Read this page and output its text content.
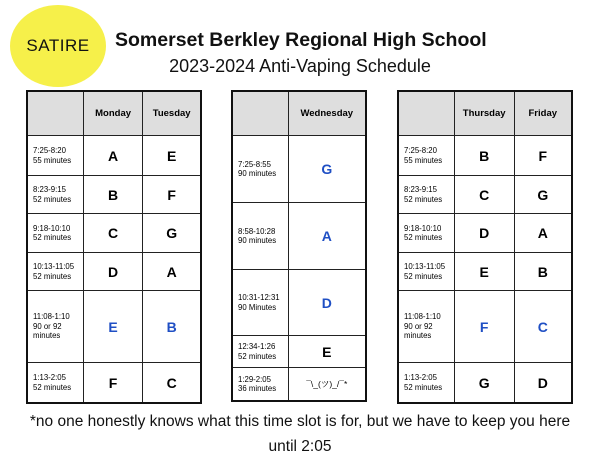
SATIRE Somerset Berkley Regional High School
2023-2024 Anti-Vaping Schedule
	Monday	Tuesday

7:25-8:20
55 minutes	A	E

8:23-9:15
52 minutes	B	F

9:18-10:10
52 minutes	C	G

10:13-11:05
52 minutes	D	A

11:08-1:10
90 or 92 minutes	E	B

1:13-2:05
52 minutes	F	C
	Wednesday

7:25-8:55
90 minutes	G

8:58-10:28
90 minutes	A

10:31-12:31
90 Minutes	D

12:34-1:26
52 minutes	E

1:29-2:05
36 minutes	¯\_(ツ)_/¯*
	Thursday	Friday

7:25-8:20
55 minutes	B	F

8:23-9:15
52 minutes	C	G

9:18-10:10
52 minutes	D	A

10:13-11:05
52 minutes	E	B

11:08-1:10
90 or 92 minutes	F	C

1:13-2:05
52 minutes	G	D
*no one honestly knows what this time slot is for, but we have to keep you here
until 2:05
